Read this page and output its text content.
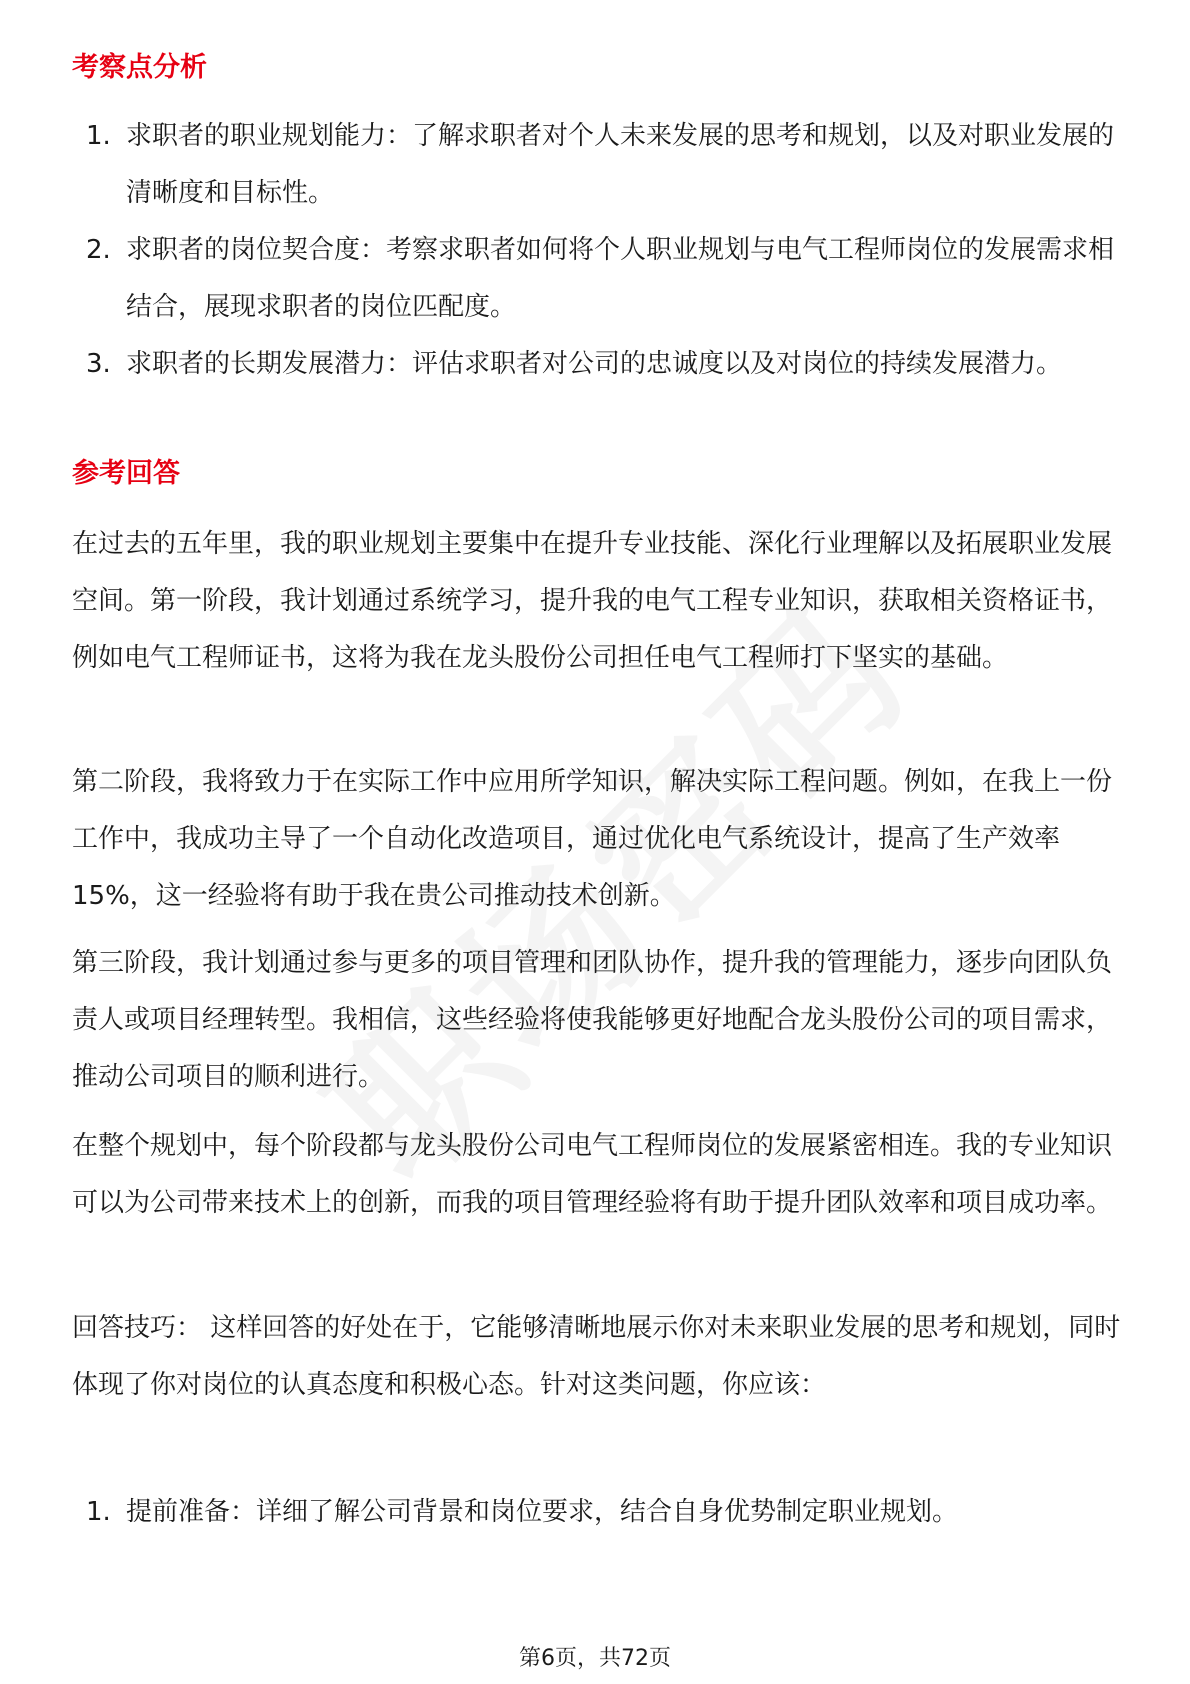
考察点分析
1. 求职者的职业规划能力：了解求职者对个人未来发展的思考和规划，以及对职业发展的清晰度和目标性。
2. 求职者的岗位契合度：考察求职者如何将个人职业规划与电气工程师岗位的发展需求相结合，展现求职者的岗位匹配度。
3. 求职者的长期发展潜力：评估求职者对公司的忠诚度以及对岗位的持续发展潜力。
参考回答

在过去的五年里，我的职业规划主要集中在提升专业技能、深化行业理解以及拓展职业发展空间。第一阶段，我计划通过系统学习，提升我的电气工程专业知识，获取相关资格证书，例如电气工程师证书，这将为我在龙头股份公司担任电气工程师打下坚实的基础。

第二阶段，我将致力于在实际工作中应用所学知识，解决实际工程问题。例如，在我上一份工作中，我成功主导了一个自动化改造项目，通过优化电气系统设计，提高了生产效率15%，这一经验将有助于我在贵公司推动技术创新。

第三阶段，我计划通过参与更多的项目管理和团队协作，提升我的管理能力，逐步向团队负责人或项目经理转型。我相信，这些经验将使我能够更好地配合龙头股份公司的项目需求，推动公司项目的顺利进行。

在整个规划中，每个阶段都与龙头股份公司电气工程师岗位的发展紧密相连。我的专业知识可以为公司带来技术上的创新，而我的项目管理经验将有助于提升团队效率和项目成功率。

回答技巧： 这样回答的好处在于，它能够清晰地展示你对未来职业发展的思考和规划，同时体现了你对岗位的认真态度和积极心态。针对这类问题，你应该：

1. 提前准备：详细了解公司背景和岗位要求，结合自身优势制定职业规划。
第6页，共72页
